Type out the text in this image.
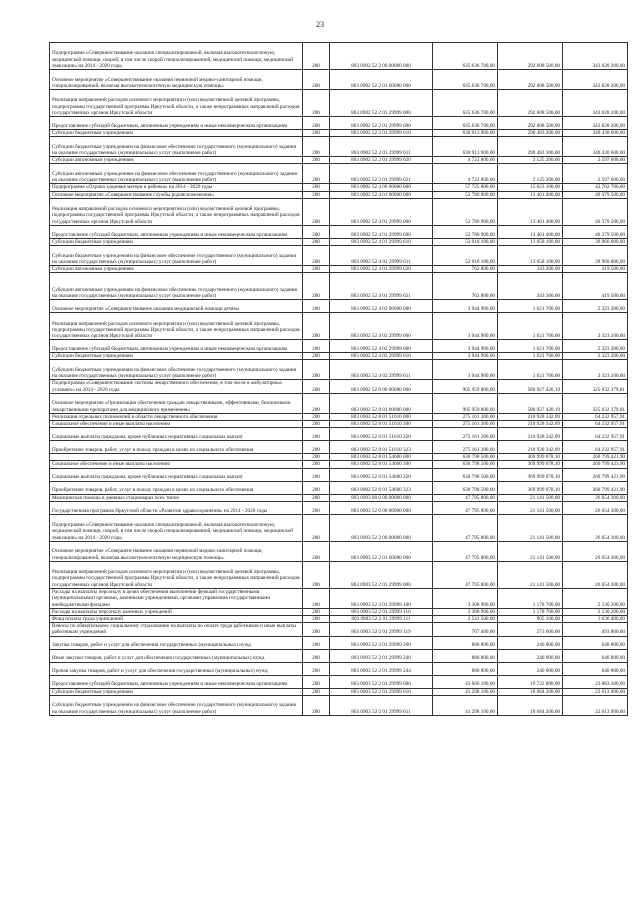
23
Подпрограмма «Совершенствование оказания специализированной, включая высокотехнологичную, медицинской помощи, скорой, в том числе скорой специализированной, медицинской помощи, медицинской эвакуации» на 2014 - 2020 годы	200	803 0902 52 2 00 00000 000	635 636 700,00	292 608 500,00	343 028 200,00
Основное мероприятие «Совершенствование оказания первичной медико-санитарной помощи, специализированной, включая высокотехнологичную медицинскую помощь»	200	803 0902 52 2 01 00000 000	635 636 700,00	292 608 500,00	343 028 200,00
Реализация направлений расходов основного мероприятия и (или) ведомственной целевой программы, подпрограммы государственной программы Иркутской области, а также непрограммных направлений расходов государственных органов Иркутской области	200	803 0902 52 2 01 29999 000	635 636 700,00	292 608 500,00	343 028 200,00
Предоставление субсидий бюджетным, автономным учреждениям и иным некоммерческим организациям	200	803 0902 52 2 01 29999 600	635 636 700,00	292 608 500,00	343 028 200,00
Субсидии бюджетным учреждениям	200	803 0902 52 2 01 29999 610	630 913 900,00	290 483 300,00	340 430 600,00
Субсидии бюджетным учреждениям на финансовое обеспечение государственного (муниципального) задания на оказание государственных (муниципальных) услуг (выполнение работ)	200	803 0902 52 2 01 29999 611	630 913 900,00	290 483 300,00	340 430 600,00
Субсидии автономным учреждениям	200	803 0902 52 2 01 29999 620	4 722 800,00	2 125 200,00	2 597 600,00
Субсидии автономным учреждениям на финансовое обеспечение государственного (муниципального) задания на оказание государственных (муниципальных) услуг (выполнение работ)	200	803 0902 52 2 01 29999 621	4 722 800,00	2 125 200,00	2 597 600,00
Подпрограмма «Охрана здоровья матери и ребенка» на 2014 - 2020 годы	200	803 0902 52 4 00 00000 000	57 725 800,00	15 023 100,00	42 702 700,00
Основное мероприятие «Совершенствование службы родовспоможения»	200	803 0902 52 4 01 00000 000	53 780 900,00	13 401 400,00	40 379 500,00
Реализация направлений расходов основного мероприятия и (или) ведомственной целевой программы, подпрограммы государственной программы Иркутской области, а также непрограммных направлений расходов государственных органов Иркутской области	200	803 0902 52 4 01 29999 000	53 780 900,00	13 401 400,00	40 379 500,00
Предоставление субсидий бюджетным, автономным учреждениям и иным некоммерческим организациям	200	803 0902 52 4 01 29999 600	53 780 900,00	13 401 400,00	40 379 500,00
Субсидии бюджетным учреждениям	200	803 0902 52 4 01 29999 610	53 018 100,00	13 058 100,00	39 960 000,00
Субсидии бюджетным учреждениям на финансовое обеспечение государственного (муниципального) задания на оказание государственных (муниципальных) услуг (выполнение работ)	200	803 0902 52 4 01 29999 611	53 018 100,00	13 058 100,00	39 960 000,00
Субсидии автономным учреждениям	200	803 0902 52 4 01 29999 620	762 800,00	343 300,00	419 500,00
Субсидии автономным учреждениям на финансовое обеспечение государственного (муниципального) задания на оказание государственных (муниципальных) услуг (выполнение работ)	200	803 0902 52 4 01 29999 621	762 800,00	343 300,00	419 500,00
Основное мероприятие «Совершенствование оказания медицинской помощи детям»	200	803 0902 52 4 02 00000 000	3 944 900,00	1 621 700,00	2 323 200,00
Реализация направлений расходов основного мероприятия и (или) ведомственной целевой программы, подпрограммы государственной программы Иркутской области, а также непрограммных направлений расходов государственных органов Иркутской области	200	803 0902 52 4 02 29999 000	3 944 900,00	1 621 700,00	2 323 200,00
Предоставление субсидий бюджетным, автономным учреждениям и иным некоммерческим организациям	200	803 0902 52 4 02 29999 600	3 944 900,00	1 621 700,00	2 323 200,00
Субсидии бюджетным учреждениям	200	803 0902 52 4 02 29999 610	3 944 900,00	1 621 700,00	2 323 200,00
Субсидии бюджетным учреждениям на финансовое обеспечение государственного (муниципального) задания на оказание государственных (муниципальных) услуг (выполнение работ)	200	803 0902 52 4 02 29999 611	3 944 900,00	1 621 700,00	2 323 200,00
Подпрограмма «Совершенствование системы лекарственного обеспечения, в том числе в амбулаторных условиях» на 2014 - 2020 годы	200	803 0902 52 8 00 00000 000	905 959 800,00	580 927 420,19	325 032 379,81
Основное мероприятие «Организация обеспечения граждан лекарственными, эффективными, безопасными лекарственными препаратами для медицинского применения»	200	803 0902 52 8 01 00000 000	905 959 800,00	580 927 420,19	325 032 379,81
Реализация отдельных полномочий в области лекарственного обеспечения	200	803 0902 52 8 01 51610 000	275 161 300,00	210 928 342,09	64 232 957,91
Социальное обеспечение и иные выплаты населению	200	803 0902 52 8 01 51610 300	275 161 300,00	210 928 342,09	64 232 957,91
Социальные выплаты гражданам, кроме публичных нормативных социальных выплат	200	803 0902 52 8 01 51610 320	275 161 300,00	210 928 342,09	64 232 957,91
Приобретение товаров, работ, услуг в пользу граждан в целях их социального обеспечения	200	803 0902 52 8 01 51610 323	275 161 300,00	210 928 342,09	64 232 957,91
	200	803 0902 52 8 01 54600 000	630 798 500,00	369 999 078,10	260 799 421,90
Социальное обеспечение и иные выплаты населению	200	803 0902 52 8 01 54600 300	630 798 500,00	369 999 078,10	260 799 421,90
Социальные выплаты гражданам, кроме публичных нормативных социальных выплат	200	803 0902 52 8 01 54600 320	630 798 500,00	369 999 078,10	260 799 421,90
Приобретение товаров, работ, услуг в пользу граждан в целях их социального обеспечения	200	803 0902 52 8 01 54600 323	630 798 500,00	369 999 078,10	260 799 421,90
Медицинская помощь в дневных стационарах всех типов	200	803 0903 00 0 00 00000 000	47 795 800,00	21 141 500,00	26 654 300,00
Государственная программа Иркутской области «Развитие здравоохранения» на 2014 - 2020 годы	200	803 0903 52 0 00 00000 000	47 795 800,00	21 141 500,00	26 654 300,00
Подпрограмма «Совершенствование оказания специализированной, включая высокотехнологичную, медицинской помощи, скорой, в том числе скорой специализированной, медицинской помощи, медицинской эвакуации» на 2014 - 2020 годы	200	803 0903 52 2 00 00000 000	47 795 800,00	21 141 500,00	26 654 300,00
Основное мероприятие «Совершенствование оказания первичной медико-санитарной помощи, специализированной, включая высокотехнологичную медицинскую помощь»	200	803 0903 52 2 01 00000 000	47 795 800,00	21 141 500,00	26 654 300,00
Реализация направлений расходов основного мероприятия и (или) ведомственной целевой программы, подпрограммы государственной программы Иркутской области, а также непрограммных направлений расходов государственных органов Иркутской области	200	803 0903 52 2 01 29999 000	47 795 800,00	21 141 500,00	26 654 300,00
Расходы на выплаты персоналу в целях обеспечения выполнения функций государственными (муниципальными) органами, казенными учреждениями, органами управления государственными внебюджетными фондами	200	803 0903 52 2 01 29999 100	3 308 900,00	1 178 700,00	2 130 200,00
Расходы на выплаты персоналу казенных учреждений	200	803 0903 52 2 01 29999 110	3 308 900,00	1 178 700,00	2 130 200,00
Фонд оплаты труда учреждений	200	803 0903 52 2 01 29999 111	2 541 500,00	905 100,00	1 636 400,00
Взносы по обязательному социальному страхованию на выплаты по оплате труда работников и иные выплаты работникам учреждений	200	803 0903 52 2 01 29999 119	767 400,00	273 600,00	493 800,00
Закупка товаров, работ и услуг для обеспечения государственных (муниципальных) нужд	200	803 0903 52 2 01 29999 200	880 800,00	240 000,00	640 800,00
Иные закупки товаров, работ и услуг для обеспечения государственных (муниципальных) нужд	200	803 0903 52 2 01 29999 240	880 800,00	240 000,00	640 800,00
Прочая закупка товаров, работ и услуг для обеспечения государственных (муниципальных) нужд	200	803 0903 52 2 01 29999 244	880 800,00	240 000,00	640 800,00
Предоставление субсидий бюджетным, автономным учреждениям и иным некоммерческим организациям	200	803 0903 52 2 01 29999 600	43 606 100,00	19 722 800,00	23 883 300,00
Субсидии бюджетным учреждениям	200	803 0903 52 2 01 29999 610	41 298 100,00	18 684 200,00	22 613 900,00
Субсидии бюджетным учреждениям на финансовое обеспечение государственного (муниципального) задания на оказание государственных (муниципальных) услуг (выполнение работ)	200	803 0903 52 2 01 29999 611	41 298 100,00	18 684 200,00	22 613 900,00
